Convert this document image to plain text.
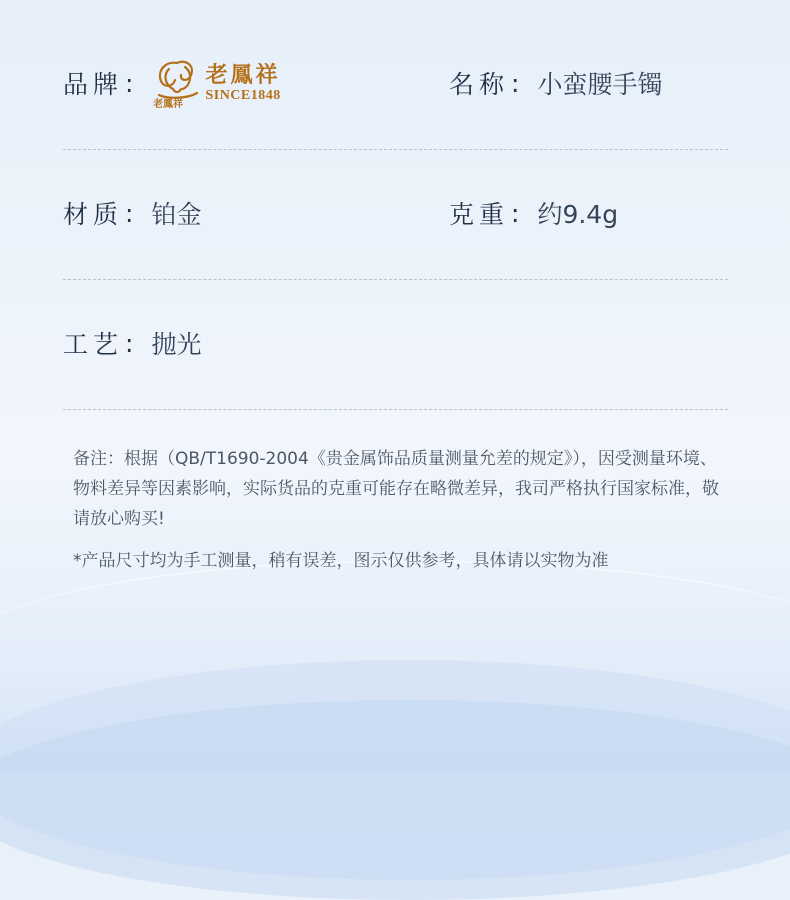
品牌 :
老鳳祥
老鳳祥
SINCE1848	名称 : 小蛮腰手镯
材质 : 铂金	克重 : 约9.4g
工艺 : 抛光

备注：根据（QB/T1690-2004《贵金属饰品质量测量允差的规定》），因受测量环境、物料差异等因素影响，实际货品的克重可能存在略微差异，我司严格执行国家标准，敬请放心购买!

*产品尺寸均为手工测量，稍有误差，图示仅供参考，具体请以实物为准
